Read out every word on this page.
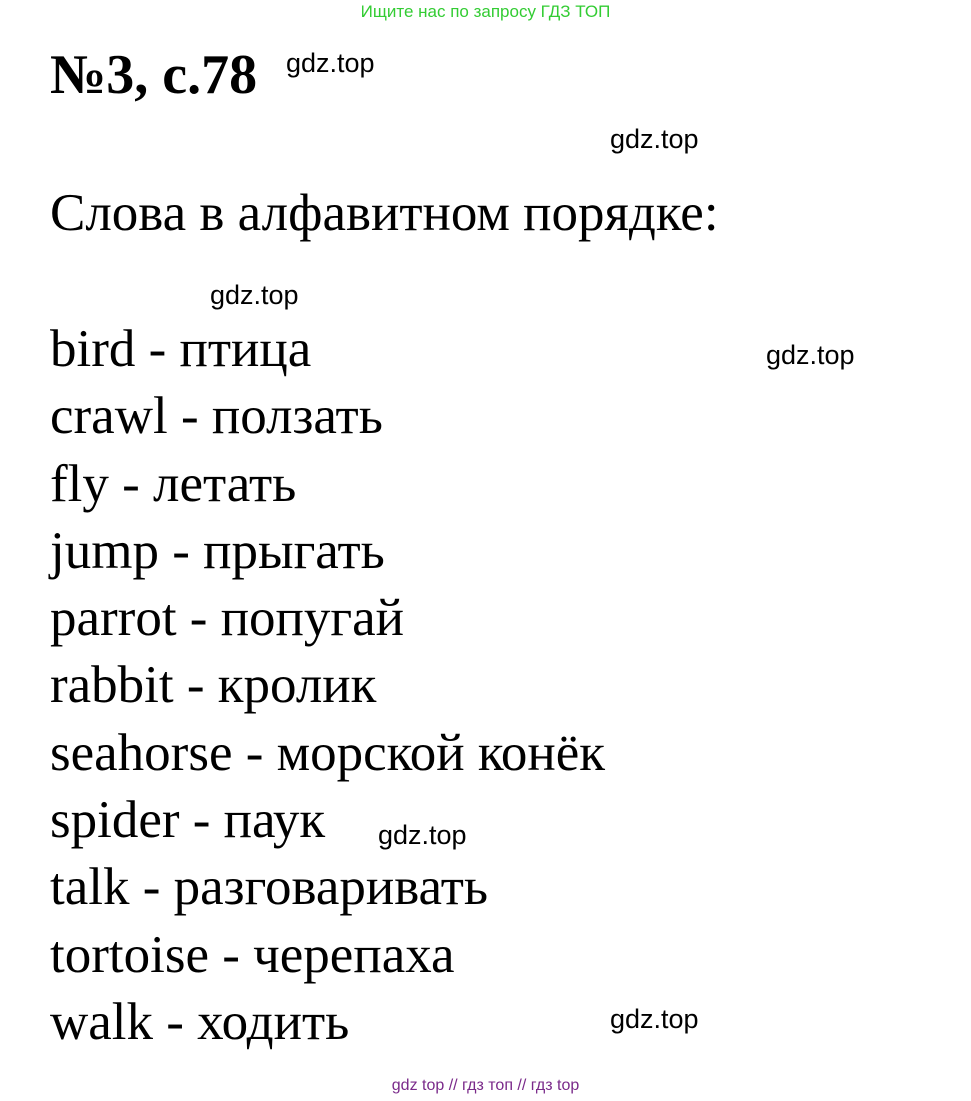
Ищите нас по запросу ГДЗ ТОП
№3, с.78
Слова в алфавитном порядке:
bird - птица
crawl - ползать
fly - летать
jump - прыгать
parrot - попугай
rabbit - кролик
seahorse - морской конёк
spider - паук
talk - разговаривать
tortoise - черепаха
walk - ходить
gdz.top
gdz.top
gdz.top
gdz.top
gdz.top
gdz.top
gdz top // гдз топ // гдз top
